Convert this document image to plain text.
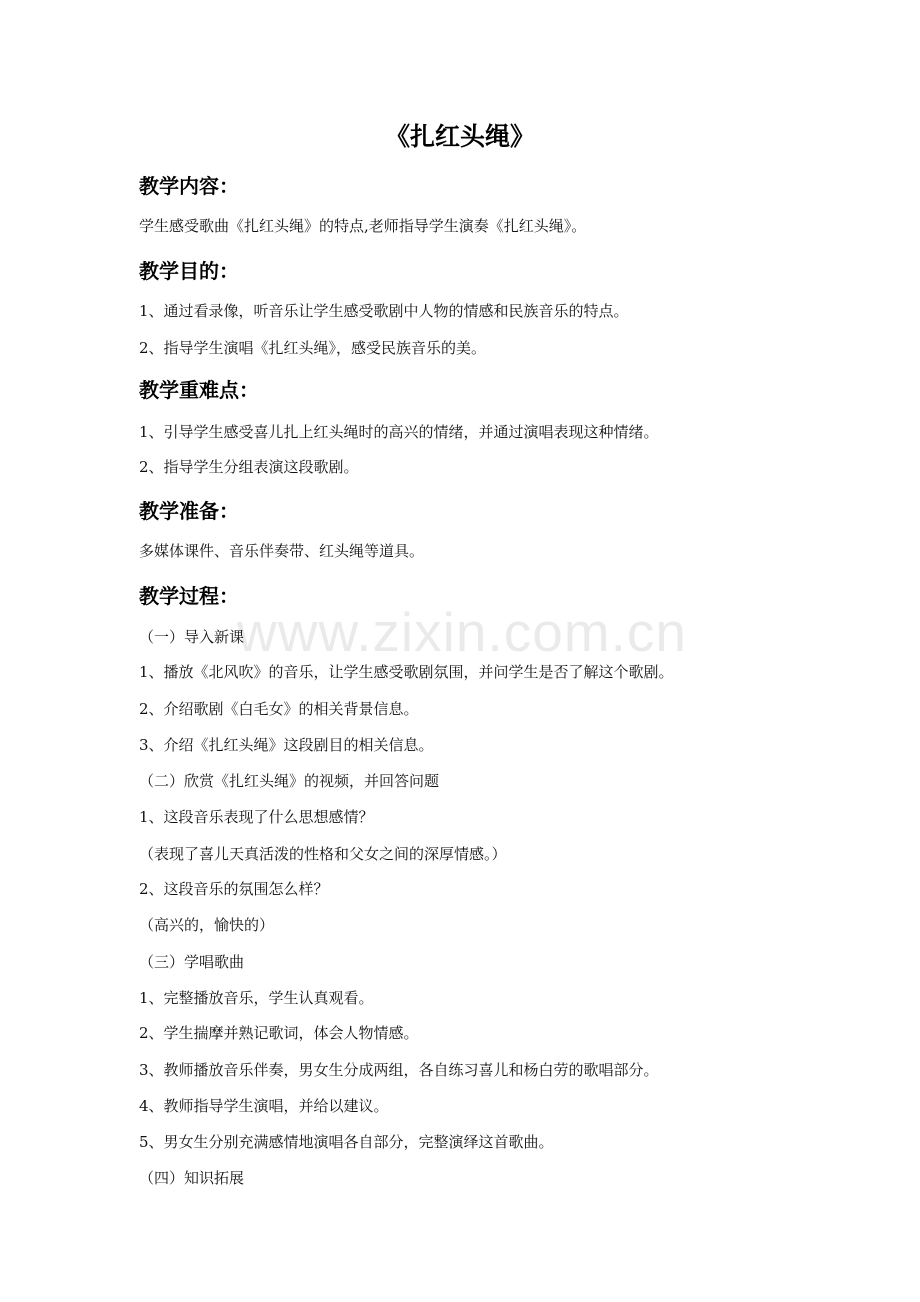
《扎红头绳》
教学内容：
学生感受歌曲《扎红头绳》的特点,老师指导学生演奏《扎红头绳》。
教学目的：
1、通过看录像，听音乐让学生感受歌剧中人物的情感和民族音乐的特点。
2、指导学生演唱《扎红头绳》，感受民族音乐的美。
教学重难点：
1、引导学生感受喜儿扎上红头绳时的高兴的情绪，并通过演唱表现这种情绪。
2、指导学生分组表演这段歌剧。
教学准备：
多媒体课件、音乐伴奏带、红头绳等道具。
教学过程：
（一）导入新课
1、播放《北风吹》的音乐，让学生感受歌剧氛围，并问学生是否了解这个歌剧。
2、介绍歌剧《白毛女》的相关背景信息。
3、介绍《扎红头绳》这段剧目的相关信息。
（二）欣赏《扎红头绳》的视频，并回答问题
1、这段音乐表现了什么思想感情？
（表现了喜儿天真活泼的性格和父女之间的深厚情感。）
2、这段音乐的氛围怎么样？
（高兴的，愉快的）
（三）学唱歌曲
1、完整播放音乐，学生认真观看。
2、学生揣摩并熟记歌词，体会人物情感。
3、教师播放音乐伴奏，男女生分成两组，各自练习喜儿和杨白劳的歌唱部分。
4、教师指导学生演唱，并给以建议。
5、男女生分别充满感情地演唱各自部分，完整演绎这首歌曲。
（四）知识拓展
www.zixin.com.cn
